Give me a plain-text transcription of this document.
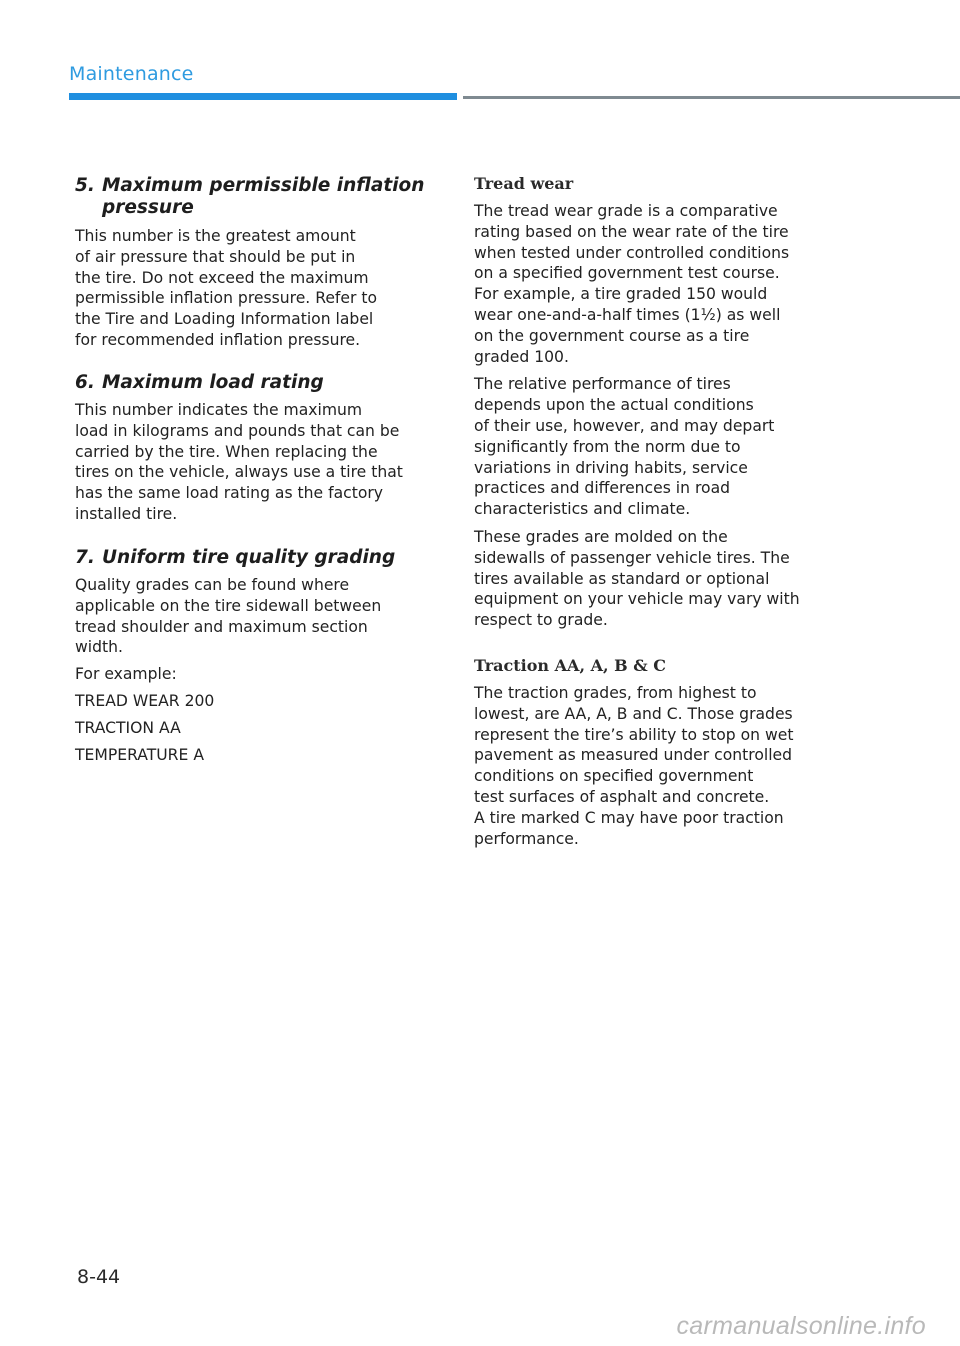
Maintenance
5. Maximum permissible inflation
pressure
This number is the greatest amount
of air pressure that should be put in
the tire. Do not exceed the maximum
permissible inflation pressure. Refer to
the Tire and Loading Information label
for recommended inflation pressure.
6. Maximum load rating
This number indicates the maximum
load in kilograms and pounds that can be
carried by the tire. When replacing the
tires on the vehicle, always use a tire that
has the same load rating as the factory
installed tire.
7. Uniform tire quality grading
Quality grades can be found where
applicable on the tire sidewall between
tread shoulder and maximum section
width.
For example:
TREAD WEAR 200
TRACTION AA
TEMPERATURE A
Tread wear
The tread wear grade is a comparative
rating based on the wear rate of the tire
when tested under controlled conditions
on a specified government test course.
For example, a tire graded 150 would
wear one-and-a-half times (1½) as well
on the government course as a tire
graded 100.
The relative performance of tires
depends upon the actual conditions
of their use, however, and may depart
significantly from the norm due to
variations in driving habits, service
practices and differences in road
characteristics and climate.
These grades are molded on the
sidewalls of passenger vehicle tires. The
tires available as standard or optional
equipment on your vehicle may vary with
respect to grade.
Traction AA, A, B & C
The traction grades, from highest to
lowest, are AA, A, B and C. Those grades
represent the tire’s ability to stop on wet
pavement as measured under controlled
conditions on specified government
test surfaces of asphalt and concrete.
A tire marked C may have poor traction
performance.
8-44
carmanualsonline.info
